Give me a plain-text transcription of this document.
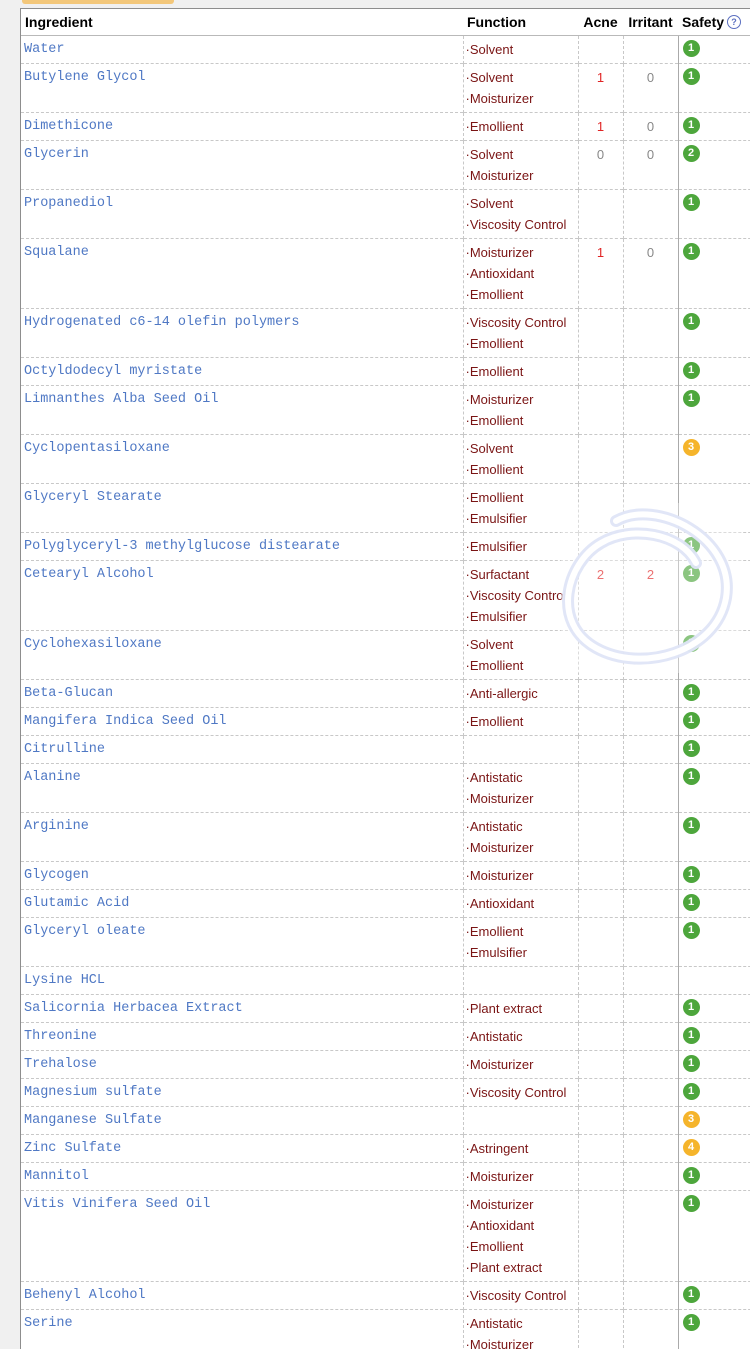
Ingredient	Function	Acne	Irritant	Safety ?

Water	·Solvent			1

Butylene Glycol	·Solvent
·Moisturizer	1	0	1

Dimethicone	·Emollient	1	0	1

Glycerin	·Solvent
·Moisturizer	0	0	2

Propanediol	·Solvent
·Viscosity Control			1

Squalane	·Moisturizer
·Antioxidant
·Emollient	1	0	1

Hydrogenated c6-14 olefin polymers	·Viscosity Control
·Emollient			1

Octyldodecyl myristate	·Emollient			1

Limnanthes Alba Seed Oil	·Moisturizer
·Emollient			1

Cyclopentasiloxane	·Solvent
·Emollient			3

Glyceryl Stearate	·Emollient
·Emulsifier			

Polyglyceryl-3 methylglucose distearate	·Emulsifier			1

Cetearyl Alcohol	·Surfactant
·Viscosity Control
·Emulsifier	2	2	1

Cyclohexasiloxane	·Solvent
·Emollient			2

Beta-Glucan	·Anti-allergic			1

Mangifera Indica Seed Oil	·Emollient			1

Citrulline				1

Alanine	·Antistatic
·Moisturizer			1

Arginine	·Antistatic
·Moisturizer			1

Glycogen	·Moisturizer			1

Glutamic Acid	·Antioxidant			1

Glyceryl oleate	·Emollient
·Emulsifier			1

Lysine HCL				

Salicornia Herbacea Extract	·Plant extract			1

Threonine	·Antistatic			1

Trehalose	·Moisturizer			1

Magnesium sulfate	·Viscosity Control			1

Manganese Sulfate				3

Zinc Sulfate	·Astringent			4

Mannitol	·Moisturizer			1

Vitis Vinifera Seed Oil	·Moisturizer
·Antioxidant
·Emollient
·Plant extract			1

Behenyl Alcohol	·Viscosity Control			1

Serine	·Antistatic
·Moisturizer			1
